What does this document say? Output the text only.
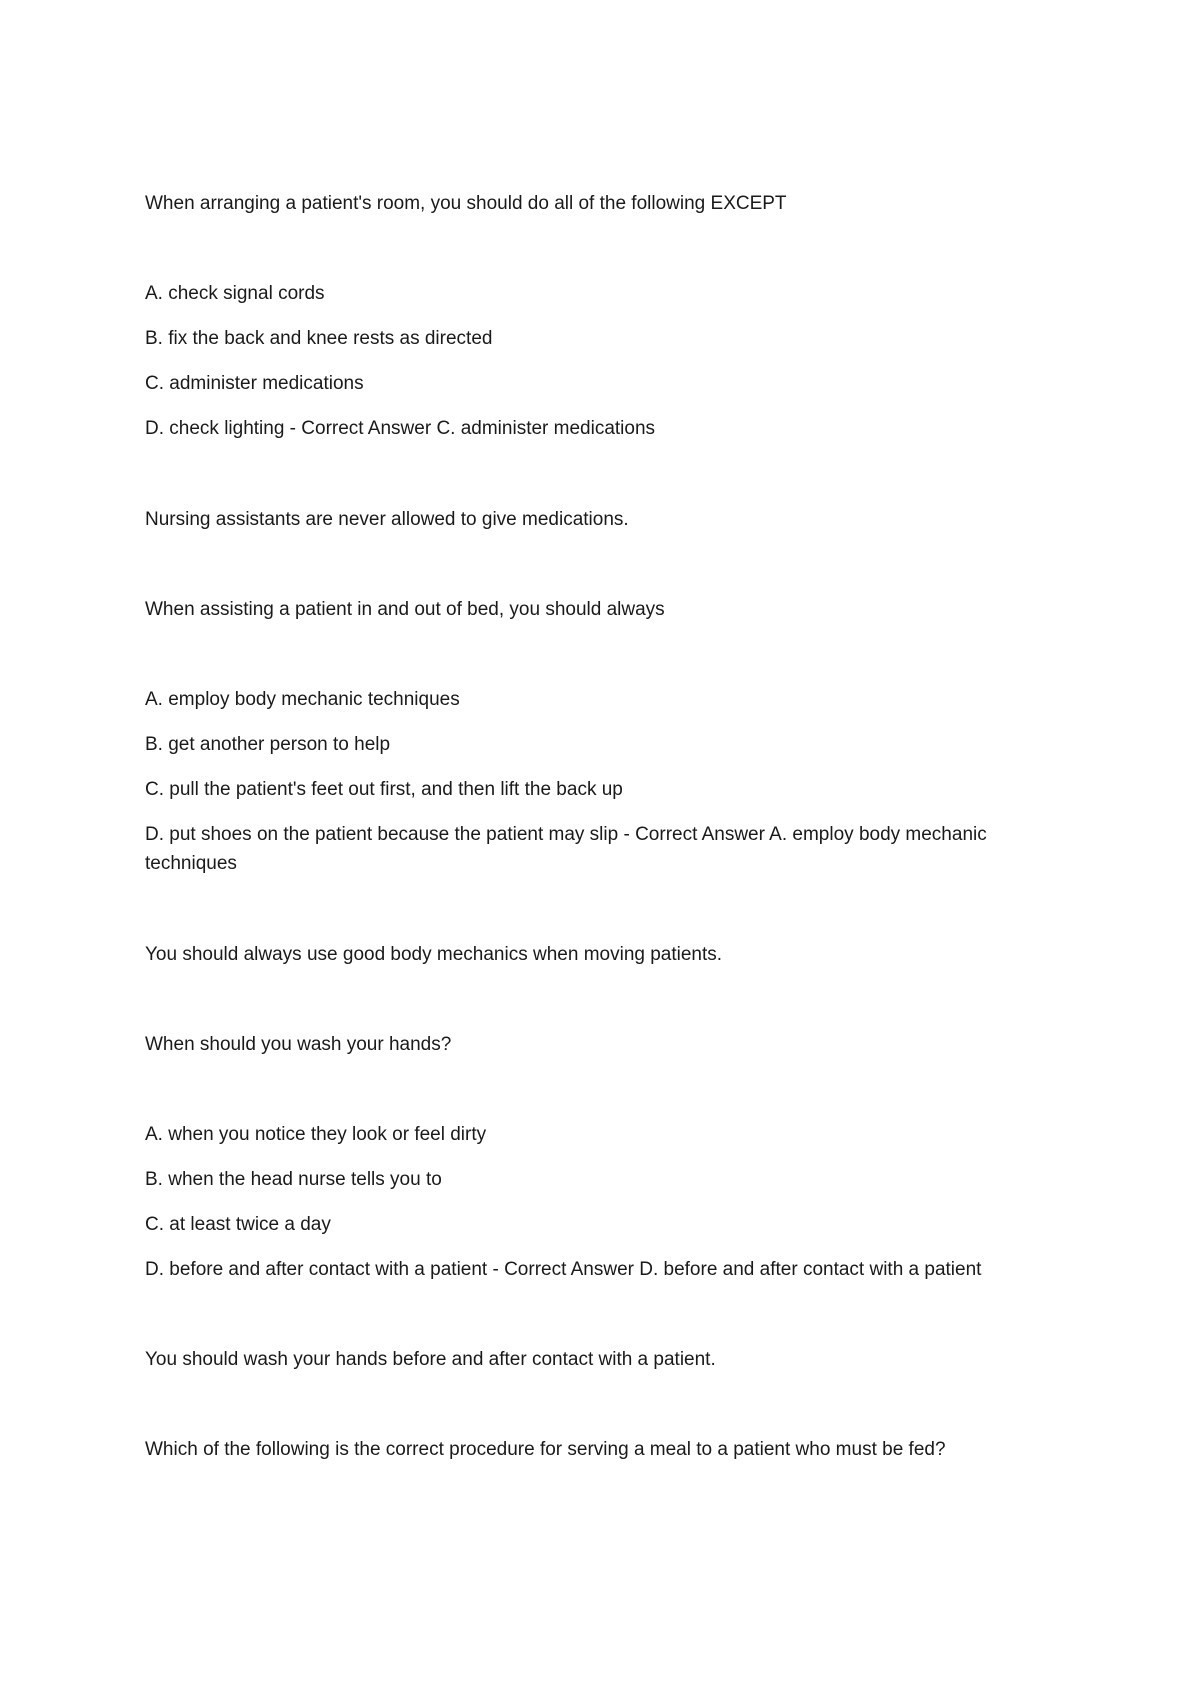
When arranging a patient's room, you should do all of the following EXCEPT

A. check signal cords

B. fix the back and knee rests as directed

C. administer medications

D. check lighting - Correct Answer C. administer medications

Nursing assistants are never allowed to give medications.

When assisting a patient in and out of bed, you should always

A. employ body mechanic techniques

B. get another person to help

C. pull the patient's feet out first, and then lift the back up

D. put shoes on the patient because the patient may slip - Correct Answer A. employ body mechanic techniques

You should always use good body mechanics when moving patients.

When should you wash your hands?

A. when you notice they look or feel dirty

B. when the head nurse tells you to

C. at least twice a day

D. before and after contact with a patient - Correct Answer D. before and after contact with a patient

You should wash your hands before and after contact with a patient.

Which of the following is the correct procedure for serving a meal to a patient who must be fed?
